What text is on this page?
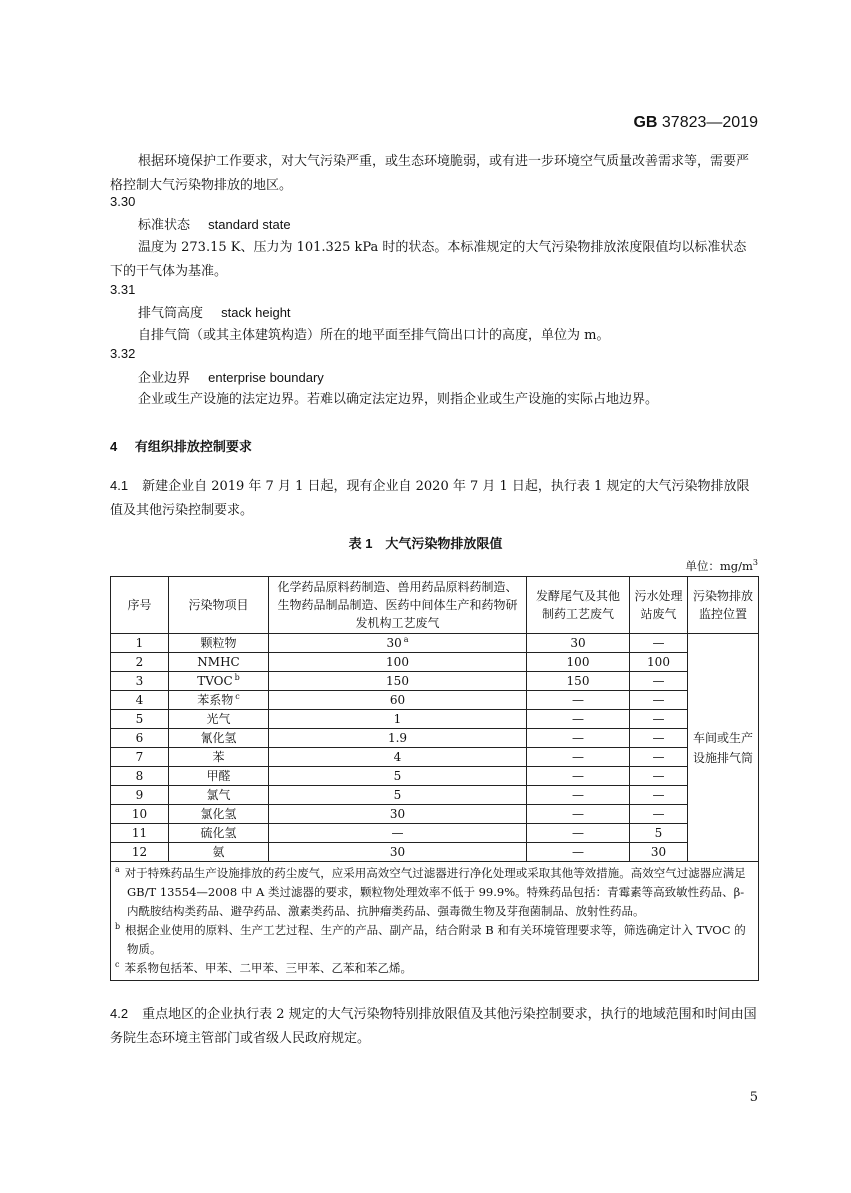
GB 37823—2019
根据环境保护工作要求，对大气污染严重，或生态环境脆弱，或有进一步环境空气质量改善需求等，需要严格控制大气污染物排放的地区。
3.30
标准状态 standard state
温度为 273.15 K、压力为 101.325 kPa 时的状态。本标准规定的大气污染物排放浓度限值均以标准状态下的干气体为基准。
3.31
排气筒高度 stack height
自排气筒（或其主体建筑构造）所在的地平面至排气筒出口计的高度，单位为 m。
3.32
企业边界 enterprise boundary
企业或生产设施的法定边界。若难以确定法定边界，则指企业或生产设施的实际占地边界。
4 有组织排放控制要求
4.1 新建企业自 2019 年 7 月 1 日起，现有企业自 2020 年 7 月 1 日起，执行表 1 规定的大气污染物排放限值及其他污染控制要求。
表 1　大气污染物排放限值
单位：$mg/m^3$
序号	污染物项目	化学药品原料药制造、兽用药品原料药制造、生物药品制品制造、医药中间体生产和药物研发机构工艺废气	发酵尾气及其他制药工艺废气	污水处理站废气	污染物排放监控位置
1	颗粒物	30 $^a$	30	—	车间或生产设施排气筒
2	NMHC	100	100	100	
3	TVOC $^b$	150	150	—	
4	苯系物 $^c$	60	—	—	
5	光气	1	—	—	
6	氰化氢	1.9	—	—	
7	苯	4	—	—	
8	甲醛	5	—	—	
9	氯气	5	—	—	
10	氯化氢	30	—	—	
11	硫化氢	—	—	5	
12	氨	30	—	30	

$^a$ 对于特殊药品生产设施排放的药尘废气，应采用高效空气过滤器进行净化处理或采取其他等效措施。高效空气过滤器应满足 GB/T 13554—2008 中 A 类过滤器的要求，颗粒物处理效率不低于 99.9%。特殊药品包括：青霉素等高致敏性药品、β-内酰胺结构类药品、避孕药品、激素类药品、抗肿瘤类药品、强毒微生物及芽孢菌制品、放射性药品。
$^b$ 根据企业使用的原料、生产工艺过程、生产的产品、副产品，结合附录 B 和有关环境管理要求等，筛选确定计入 TVOC 的物质。
$^c$ 苯系物包括苯、甲苯、二甲苯、三甲苯、乙苯和苯乙烯。					
4.2 重点地区的企业执行表 2 规定的大气污染物特别排放限值及其他污染控制要求，执行的地域范围和时间由国务院生态环境主管部门或省级人民政府规定。
5
